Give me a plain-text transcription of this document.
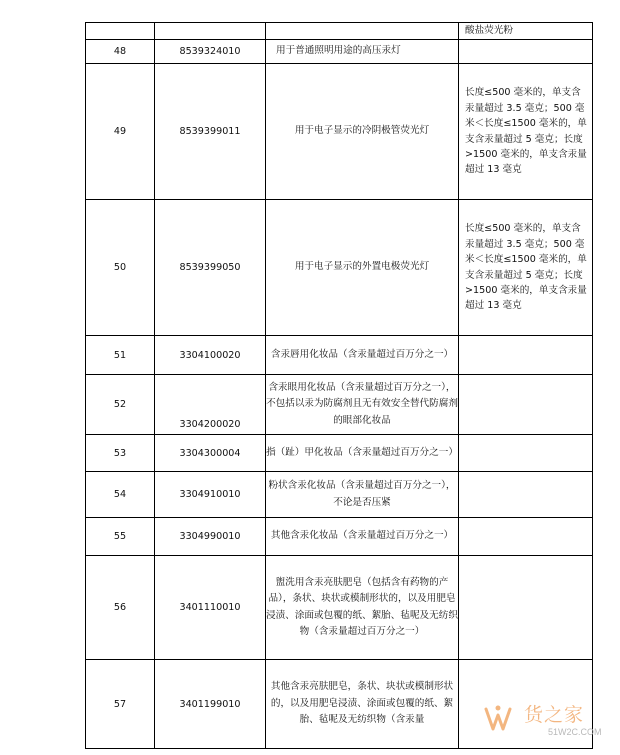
			酸盐荧光粉
48	8539324010	用于普通照明用途的高压汞灯	
49	8539399011	用于电子显示的冷阴极管荧光灯	长度≤500 毫米的，单支含汞量超过 3.5 毫克；500 毫米＜长度≤1500 毫米的，单支含汞量超过 5 毫克；长度>1500 毫米的，单支含汞量超过 13 毫克
50	8539399050	用于电子显示的外置电极荧光灯	长度≤500 毫米的，单支含汞量超过 3.5 毫克；500 毫米＜长度≤1500 毫米的，单支含汞量超过 5 毫克；长度>1500 毫米的，单支含汞量超过 13 毫克
51	3304100020	含汞唇用化妆品（含汞量超过百万分之一）	
52	3304200020	含汞眼用化妆品（含汞量超过百万分之一），不包括以汞为防腐剂且无有效安全替代防腐剂的眼部化妆品	
53	3304300004	指（趾）甲化妆品（含汞量超过百万分之一）	
54	3304910010	粉状含汞化妆品（含汞量超过百万分之一），不论是否压紧	
55	3304990010	其他含汞化妆品（含汞量超过百万分之一）	
56	3401110010	盥洗用含汞亮肤肥皂（包括含有药物的产品），条状、块状或模制形状的，以及用肥皂浸渍、涂面或包覆的纸、絮胎、毡呢及无纺织物（含汞量超过百万分之一）	
57	3401199010	其他含汞亮肤肥皂，条状、块状或模制形状的，以及用肥皂浸渍、涂面或包覆的纸、絮胎、毡呢及无纺织物（含汞量		货之家
51W2C.COM
